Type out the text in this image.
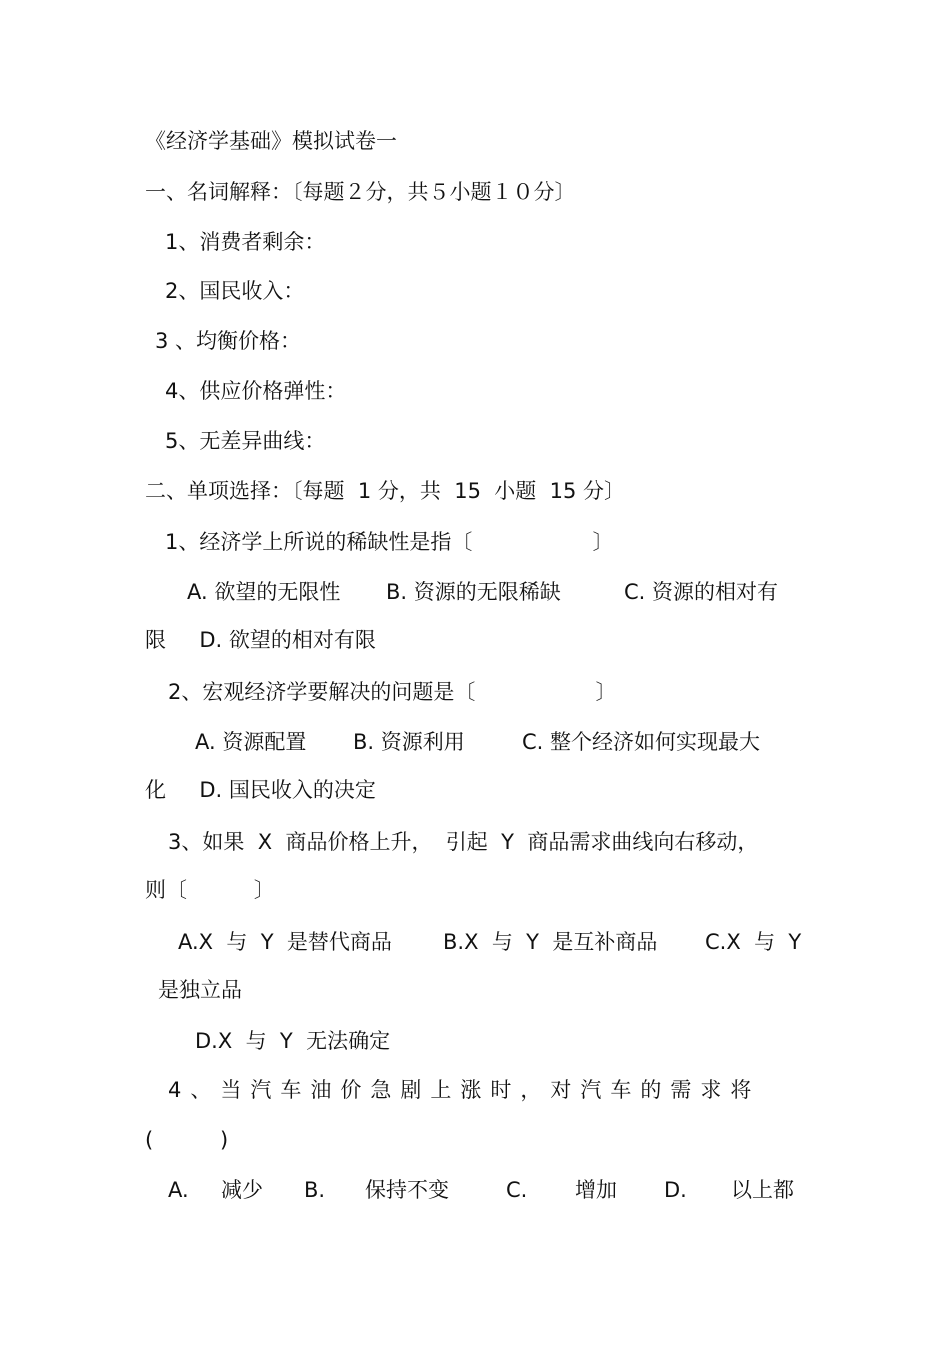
《经济学基础》模拟试卷一
一、名词解释：〔每题２分，共５小题１０分〕
1、消费者剩余：
2、国民收入：
3 、均衡价格：
4、供应价格弹性：
5、无差异曲线：
二、单项选择：〔每题  1 分，共  15  小题  15 分〕
1、经济学上所说的稀缺性是指〔                  〕
A. 欲望的无限性 B. 资源的无限稀缺	C. 资源的相对有
限     D. 欲望的相对有限
2、宏观经济学要解决的问题是〔                  〕
A. 资源配置 B. 资源利用	C. 整个经济如何实现最大
化     D. 国民收入的决定
3、如果  X  商品价格上升，  引起  Y  商品需求曲线向右移动，
则〔          〕
A.X  与  Y  是替代商品 B.X  与  Y  是互补商品 C.X  与  Y
是独立品
D.X  与  Y  无法确定
4、当汽车油价急剧上涨时，对汽车的需求将
(          )
A. 减少 B. 保持不变	C. 增加 D. 以上都
